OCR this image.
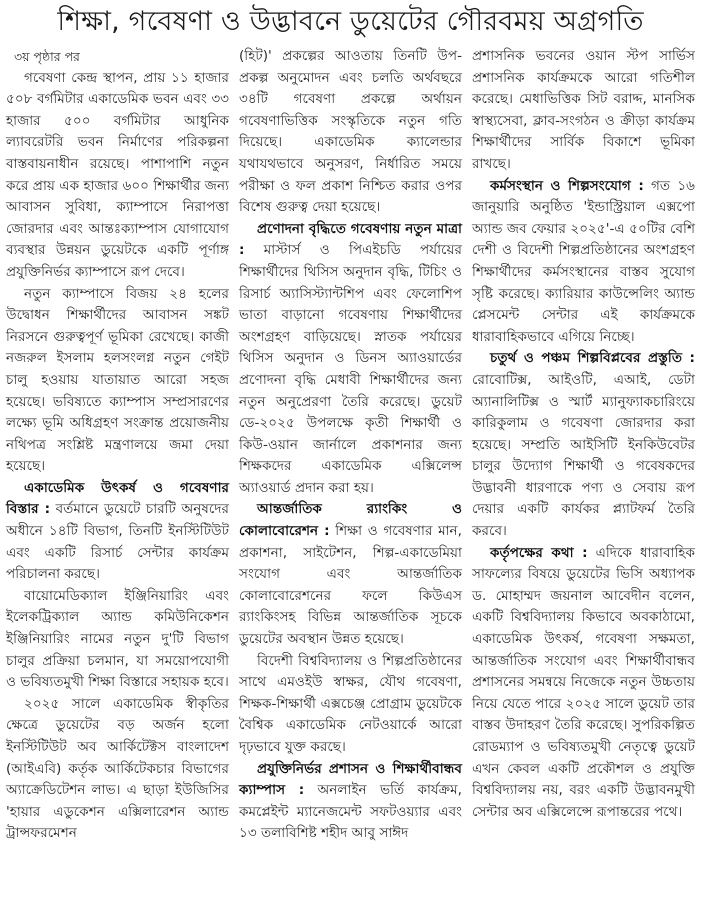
শিক্ষা, গবেষণা ও উদ্ভাবনে ডুয়েটের গৌরবময় অগ্রগতি
৩য় পৃষ্ঠার পর

গবেষণা কেন্দ্র স্থাপন, প্রায় ১১ হাজার ৫০৮ বর্গমিটার একাডেমিক ভবন এবং ৩৩ হাজার ৫০০ বর্গমিটার আধুনিক ল্যাবরেটরি ভবন নির্মাণের পরিকল্পনা বাস্তবায়নাধীন রয়েছে। পাশাপাশি নতুন করে প্রায় এক হাজার ৬০০ শিক্ষার্থীর জন্য আবাসন সুবিধা, ক্যাম্পাসে নিরাপত্তা জোরদার এবং আন্তঃক্যাম্পাস যোগাযোগ ব্যবস্থার উন্নয়ন ডুয়েটকে একটি পূর্ণাঙ্গ প্রযুক্তিনির্ভর ক্যাম্পাসে রূপ দেবে।

নতুন ক্যাম্পাসে বিজয় ২৪ হলের উদ্বোধন শিক্ষার্থীদের আবাসন সঙ্কট নিরসনে গুরুত্বপূর্ণ ভূমিকা রেখেছে। কাজী নজরুল ইসলাম হলসংলগ্ন নতুন গেইট চালু হওয়ায় যাতায়াত আরো সহজ হয়েছে। ভবিষ্যতে ক্যাম্পাস সম্প্রসারণের লক্ষ্যে ভূমি অধিগ্রহণ সংক্রান্ত প্রয়োজনীয় নথিপত্র সংশ্লিষ্ট মন্ত্রণালয়ে জমা দেয়া হয়েছে।

একাডেমিক উৎকর্ষ ও গবেষণার বিস্তার : বর্তমানে ডুয়েটে চারটি অনুষদের অধীনে ১৪টি বিভাগ, তিনটি ইনস্টিটিউট এবং একটি রিসার্চ সেন্টার কার্যক্রম পরিচালনা করছে।

বায়োমেডিক্যাল ইঞ্জিনিয়ারিং এবং ইলেকট্রিক্যাল অ্যান্ড কমিউনিকেশন ইঞ্জিনিয়ারিং নামের নতুন দু'টি বিভাগ চালুর প্রক্রিয়া চলমান, যা সময়োপযোগী ও ভবিষ্যতমুখী শিক্ষা বিস্তারে সহায়ক হবে।

২০২৫ সালে একাডেমিক স্বীকৃতির ক্ষেত্রে ডুয়েটের বড় অর্জন হলো ইনস্টিটিউট অব আর্কিটেক্টস বাংলাদেশ (আইএবি) কর্তৃক আর্কিটেকচার বিভাগের অ্যাক্রেডিটেশন লাভ। এ ছাড়া ইউজিসির 'হায়ার এডুকেশন এক্সিলারেশন অ্যান্ড ট্রান্সফরমেশন

(হিট)' প্রকল্পের আওতায় তিনটি উপ-প্রকল্প অনুমোদন এবং চলতি অর্থবছরে ৩৪টি গবেষণা প্রকল্পে অর্থায়ন গবেষণাভিত্তিক সংস্কৃতিকে নতুন গতি দিয়েছে। একাডেমিক ক্যালেন্ডার যথাযথভাবে অনুসরণ, নির্ধারিত সময়ে পরীক্ষা ও ফল প্রকাশ নিশ্চিত করার ওপর বিশেষ গুরুত্ব দেয়া হয়েছে।

প্রণোদনা বৃদ্ধিতে গবেষণায় নতুন মাত্রা : মাস্টার্স ও পিএইচডি পর্যায়ের শিক্ষার্থীদের থিসিস অনুদান বৃদ্ধি, টিচিং ও রিসার্চ অ্যাসিস্ট্যান্টশিপ এবং ফেলোশিপ ভাতা বাড়ানো গবেষণায় শিক্ষার্থীদের অংশগ্রহণ বাড়িয়েছে। স্নাতক পর্যায়ের থিসিস অনুদান ও ডিনস অ্যাওয়ার্ডের প্রণোদনা বৃদ্ধি মেধাবী শিক্ষার্থীদের জন্য নতুন অনুপ্রেরণা তৈরি করেছে। ডুয়েট ডে-২০২৫ উপলক্ষে কৃতী শিক্ষার্থী ও কিউ-ওয়ান জার্নালে প্রকাশনার জন্য শিক্ষকদের একাডেমিক এক্সিলেন্স অ্যাওয়ার্ড প্রদান করা হয়।

আন্তর্জাতিক র‌্যাংকিং ও কোলাবোরেশন : শিক্ষা ও গবেষণার মান, প্রকাশনা, সাইটেশন, শিল্প-একাডেমিয়া সংযোগ এবং আন্তর্জাতিক কোলাবোরেশনের ফলে কিউএস র‌্যাংকিংসহ বিভিন্ন আন্তর্জাতিক সূচকে ডুয়েটের অবস্থান উন্নত হয়েছে।

বিদেশী বিশ্ববিদ্যালয় ও শিল্পপ্রতিষ্ঠানের সাথে এমওইউ স্বাক্ষর, যৌথ গবেষণা, শিক্ষক-শিক্ষার্থী এক্সচেঞ্জ প্রোগ্রাম ডুয়েটকে বৈশ্বিক একাডেমিক নেটওয়ার্কে আরো দৃঢ়ভাবে যুক্ত করছে।

প্রযুক্তিনির্ভর প্রশাসন ও শিক্ষার্থীবান্ধব ক্যাম্পাস : অনলাইন ভর্তি কার্যক্রম, কমপ্লেইন্ট ম্যানেজমেন্ট সফটওয়্যার এবং ১৩ তলাবিশিষ্ট শহীদ আবু সাঈদ

প্রশাসনিক ভবনের ওয়ান স্টপ সার্ভিস প্রশাসনিক কার্যক্রমকে আরো গতিশীল করেছে। মেধাভিত্তিক সিট বরাদ্দ, মানসিক স্বাস্থ্যসেবা, ক্লাব-সংগঠন ও ক্রীড়া কার্যক্রম শিক্ষার্থীদের সার্বিক বিকাশে ভূমিকা রাখছে।

কর্মসংস্থান ও শিল্পসংযোগ : গত ১৬ জানুয়ারি অনুষ্ঠিত 'ইন্ডাস্ট্রিয়াল এক্সপো অ্যান্ড জব ফেয়ার ২০২৫'-এ ৫০টির বেশি দেশী ও বিদেশী শিল্পপ্রতিষ্ঠানের অংশগ্রহণ শিক্ষার্থীদের কর্মসংস্থানের বাস্তব সুযোগ সৃষ্টি করেছে। ক্যারিয়ার কাউন্সেলিং অ্যান্ড প্লেসমেন্ট সেন্টার এই কার্যক্রমকে ধারাবাহিকভাবে এগিয়ে নিচ্ছে।

চতুর্থ ও পঞ্চম শিল্পবিপ্লবের প্রস্তুতি : রোবোটিক্স, আইওটি, এআই, ডেটা অ্যানালিটিক্স ও স্মার্ট ম্যানুফ্যাকচারিংয়ে কারিকুলাম ও গবেষণা জোরদার করা হয়েছে। সম্প্রতি আইসিটি ইনকিউবেটর চালুর উদ্যোগ শিক্ষার্থী ও গবেষকদের উদ্ভাবনী ধারণাকে পণ্য ও সেবায় রূপ দেয়ার একটি কার্যকর প্ল্যাটফর্ম তৈরি করবে।

কর্তৃপক্ষের কথা : এদিকে ধারাবাহিক সাফল্যের বিষয়ে ডুয়েটের ভিসি অধ্যাপক ড. মোহাম্মদ জয়নাল আবেদীন বলেন, একটি বিশ্ববিদ্যালয় কিভাবে অবকাঠামো, একাডেমিক উৎকর্ষ, গবেষণা সক্ষমতা, আন্তর্জাতিক সংযোগ এবং শিক্ষার্থীবান্ধব প্রশাসনের সমন্বয়ে নিজেকে নতুন উচ্চতায় নিয়ে যেতে পারে ২০২৫ সালে ডুয়েট তার বাস্তব উদাহরণ তৈরি করেছে। সুপরিকল্পিত রোডম্যাপ ও ভবিষ্যতমুখী নেতৃত্বে ডুয়েট এখন কেবল একটি প্রকৌশল ও প্রযুক্তি বিশ্ববিদ্যালয় নয়, বরং একটি উদ্ভাবনমুখী সেন্টার অব এক্সিলেন্সে রূপান্তরের পথে।
